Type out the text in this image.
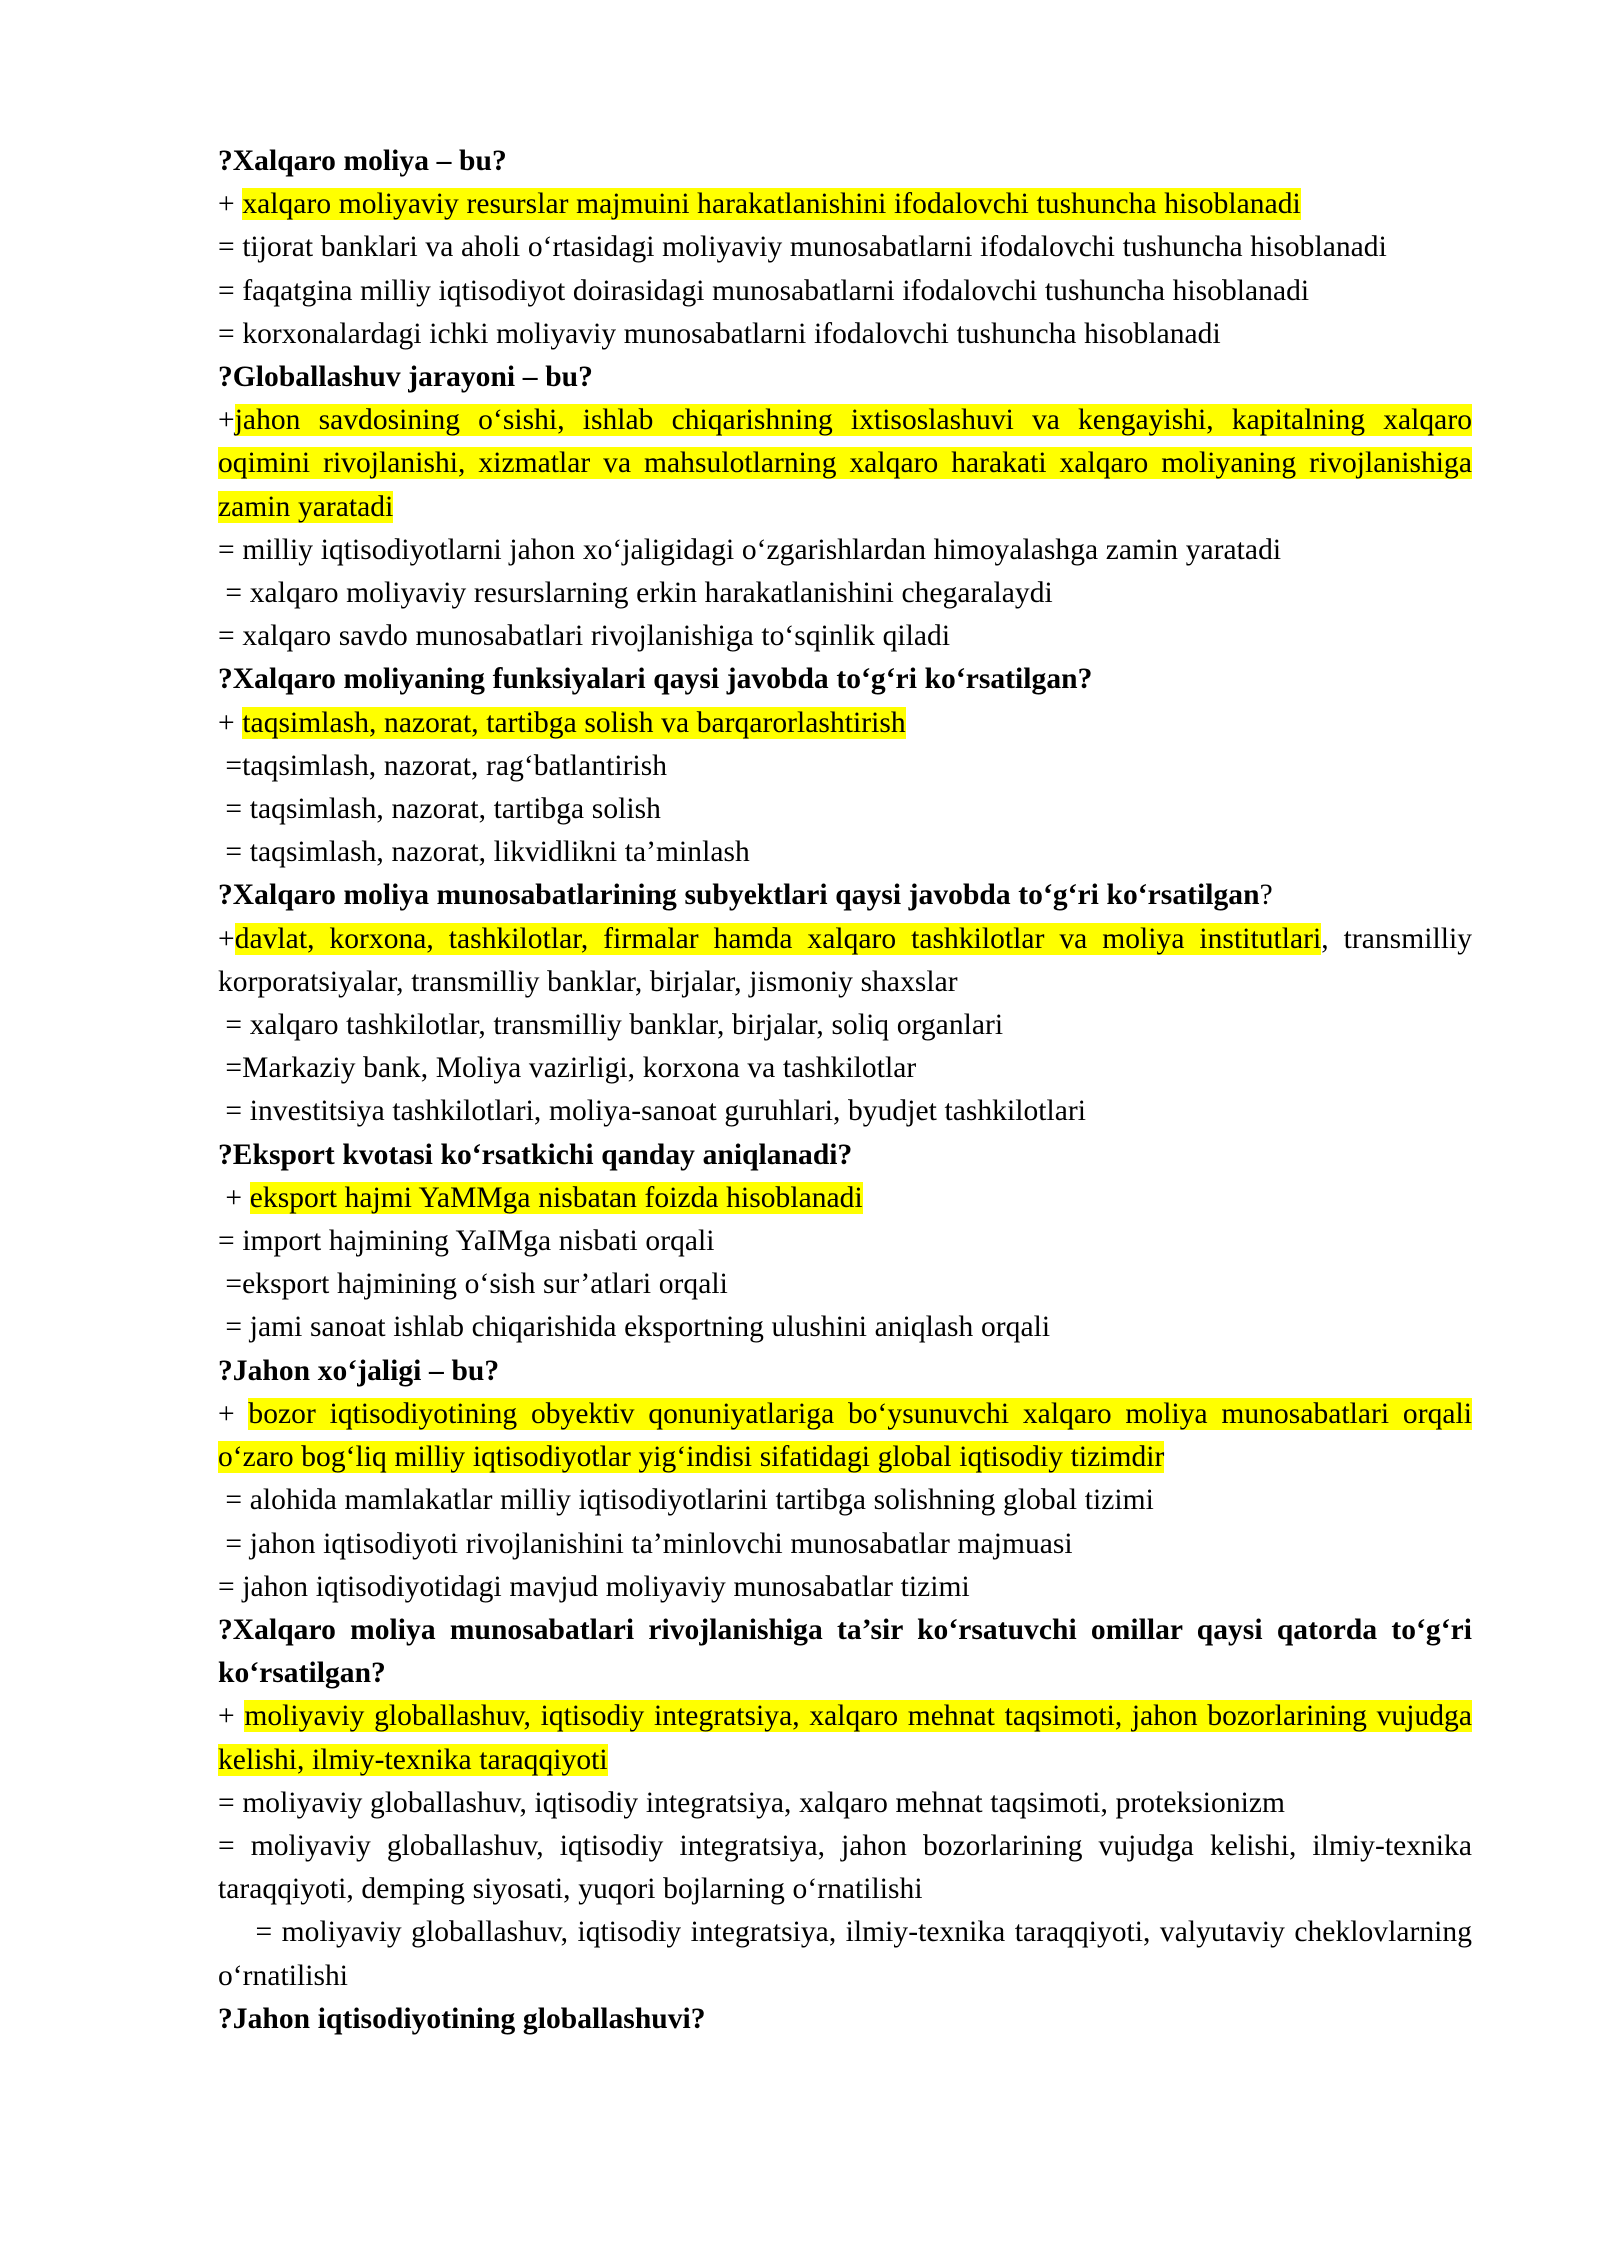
?Xalqaro moliya – bu?

+ xalqaro moliyaviy resurslar majmuini harakatlanishini ifodalovchi tushuncha hisoblanadi

= tijorat banklari va aholi o‘rtasidagi moliyaviy munosabatlarni ifodalovchi tushuncha hisoblanadi

= faqatgina milliy iqtisodiyot doirasidagi munosabatlarni ifodalovchi tushuncha hisoblanadi

= korxonalardagi ichki moliyaviy munosabatlarni ifodalovchi tushuncha hisoblanadi

?Globallashuv jarayoni – bu?

+jahon savdosining o‘sishi, ishlab chiqarishning ixtisoslashuvi va kengayishi, kapitalning xalqaro oqimini rivojlanishi, xizmatlar va mahsulotlarning xalqaro harakati xalqaro moliyaning rivojlanishiga zamin yaratadi

= milliy iqtisodiyotlarni jahon xo‘jaligidagi o‘zgarishlardan himoyalashga zamin yaratadi

= xalqaro moliyaviy resurslarning erkin harakatlanishini chegaralaydi

= xalqaro savdo munosabatlari rivojlanishiga to‘sqinlik qiladi

?Xalqaro moliyaning funksiyalari qaysi javobda to‘g‘ri ko‘rsatilgan?

+ taqsimlash, nazorat, tartibga solish va barqarorlashtirish

=taqsimlash, nazorat, rag‘batlantirish

= taqsimlash, nazorat, tartibga solish

= taqsimlash, nazorat, likvidlikni ta’minlash

?Xalqaro moliya munosabatlarining subyektlari qaysi javobda to‘g‘ri ko‘rsatilgan?

+davlat, korxona, tashkilotlar, firmalar hamda xalqaro tashkilotlar va moliya institutlari, transmilliy korporatsiyalar, transmilliy banklar, birjalar, jismoniy shaxslar

= xalqaro tashkilotlar, transmilliy banklar, birjalar, soliq organlari

=Markaziy bank, Moliya vazirligi, korxona va tashkilotlar

= investitsiya tashkilotlari, moliya-sanoat guruhlari, byudjet tashkilotlari

?Eksport kvotasi ko‘rsatkichi qanday aniqlanadi?

+ eksport hajmi YaMMga nisbatan foizda hisoblanadi

= import hajmining YaIMga nisbati orqali

=eksport hajmining o‘sish sur’atlari orqali

= jami sanoat ishlab chiqarishida eksportning ulushini aniqlash orqali

?Jahon xo‘jaligi – bu?

+ bozor iqtisodiyotining obyektiv qonuniyatlariga bo‘ysunuvchi xalqaro moliya munosabatlari orqali o‘zaro bog‘liq milliy iqtisodiyotlar yig‘indisi sifatidagi global iqtisodiy tizimdir

= alohida mamlakatlar milliy iqtisodiyotlarini tartibga solishning global tizimi

= jahon iqtisodiyoti rivojlanishini ta’minlovchi munosabatlar majmuasi

= jahon iqtisodiyotidagi mavjud moliyaviy munosabatlar tizimi

?Xalqaro moliya munosabatlari rivojlanishiga ta’sir ko‘rsatuvchi omillar qaysi qatorda to‘g‘ri ko‘rsatilgan?

+ moliyaviy globallashuv, iqtisodiy integratsiya, xalqaro mehnat taqsimoti, jahon bozorlarining vujudga kelishi, ilmiy-texnika taraqqiyoti

= moliyaviy globallashuv, iqtisodiy integratsiya, xalqaro mehnat taqsimoti, proteksionizm

= moliyaviy globallashuv, iqtisodiy integratsiya, jahon bozorlarining vujudga kelishi, ilmiy-texnika taraqqiyoti, demping siyosati, yuqori bojlarning o‘rnatilishi

= moliyaviy globallashuv, iqtisodiy integratsiya, ilmiy-texnika taraqqiyoti, valyutaviy cheklovlarning o‘rnatilishi

?Jahon iqtisodiyotining globallashuvi?
